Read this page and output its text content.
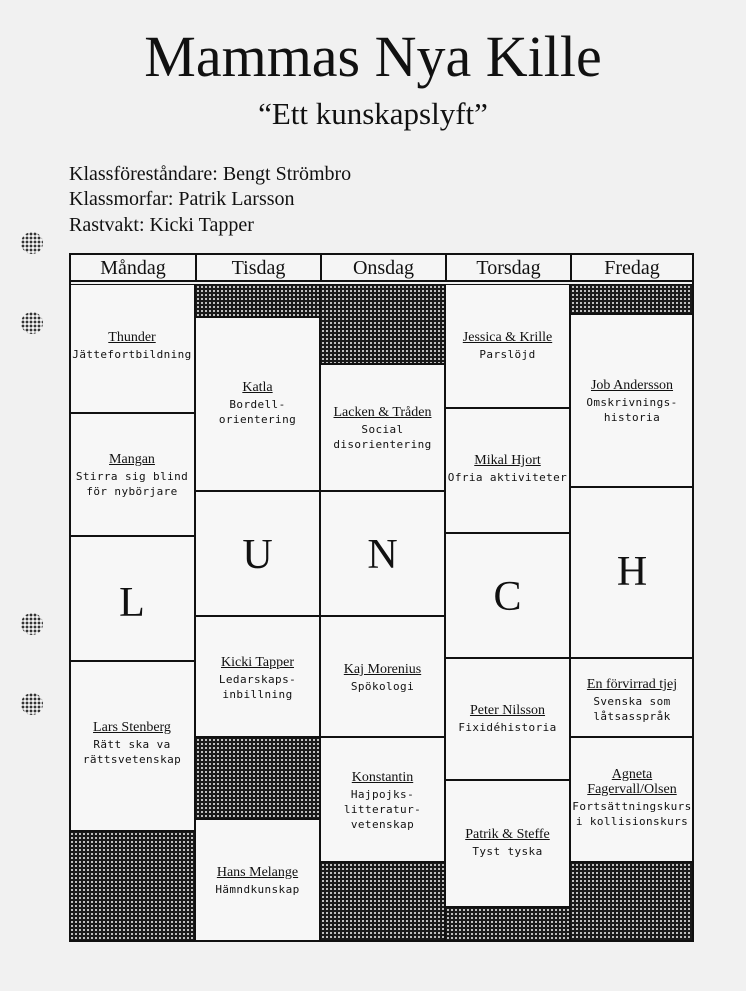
Mammas Nya Kille
“Ett kunskapslyft”
Klassföreståndare: Bengt Strömbro
Klassmorfar: Patrik Larsson
Rastvakt: Kicki Tapper
Måndag
Thunder
Jättefortbildning
Mangan
Stirra sig blind
för nybörjare
L
Lars Stenberg
Rätt ska va
rättsvetenskap
Tisdag
Katla
Bordell-
orientering
U
Kicki Tapper
Ledarskaps-
inbillning
Hans Melange
Hämndkunskap
Onsdag
Lacken & Tråden
Social
disorientering
N
Kaj Morenius
Spökologi
Konstantin
Hajpojks-
litteratur-
vetenskap
Torsdag
Jessica & Krille
Parslöjd
Mikal Hjort
Ofria aktiviteter
C
Peter Nilsson
Fixidéhistoria
Patrik & Steffe
Tyst tyska
Fredag
Job Andersson
Omskrivnings-
historia
H
En förvirrad tjej
Svenska som
låtsasspråk
Agneta
Fagervall/Olsen
Fortsättningskurs
i kollisionskurs
